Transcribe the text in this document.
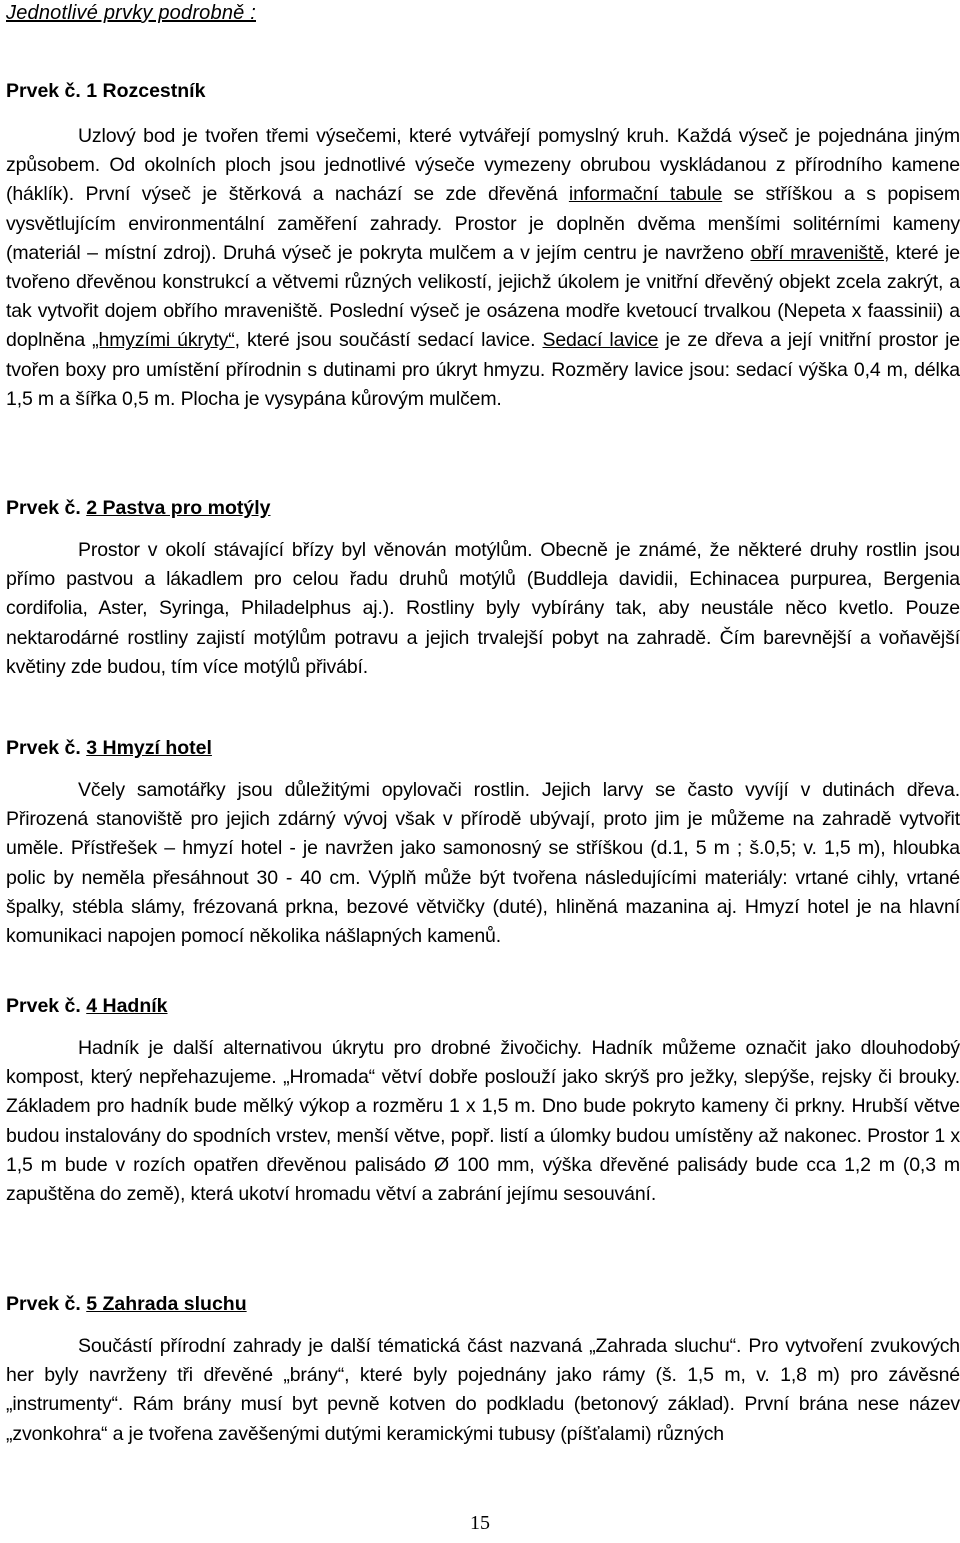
Jednotlivé prvky podrobně :
Prvek č. 1 Rozcestník
Uzlový bod je tvořen třemi výsečemi, které vytvářejí pomyslný kruh. Každá výseč je pojednána jiným způsobem. Od okolních ploch jsou jednotlivé výseče vymezeny obrubou vyskládanou z přírodního kamene (háklík). První výseč je štěrková a nachází se zde dřevěná informační tabule se stříškou a s popisem vysvětlujícím environmentální zaměření zahrady. Prostor je doplněn dvěma menšími solitérními kameny (materiál – místní zdroj). Druhá výseč je pokryta mulčem a v jejím centru je navrženo obří mraveniště, které je tvořeno dřevěnou konstrukcí a větvemi různých velikostí, jejichž úkolem je vnitřní dřevěný objekt zcela zakrýt, a tak vytvořit dojem obřího mraveniště. Poslední výseč je osázena modře kvetoucí trvalkou (Nepeta x faassinii) a doplněna „hmyzími úkryty“, které jsou součástí sedací lavice. Sedací lavice je ze dřeva a její vnitřní prostor je tvořen boxy pro umístění přírodnin s dutinami pro úkryt hmyzu. Rozměry lavice jsou: sedací výška 0,4 m, délka 1,5 m a šířka 0,5 m. Plocha je vysypána kůrovým mulčem.
Prvek č. 2 Pastva pro motýly
Prostor v okolí stávající břízy byl věnován motýlům. Obecně je známé, že některé druhy rostlin jsou přímo pastvou a lákadlem pro celou řadu druhů motýlů (Buddleja davidii, Echinacea purpurea, Bergenia cordifolia, Aster, Syringa, Philadelphus aj.). Rostliny byly vybírány tak, aby neustále něco kvetlo. Pouze nektarodárné rostliny zajistí motýlům potravu a jejich trvalejší pobyt na zahradě. Čím barevnější a voňavější květiny zde budou, tím více motýlů přivábí.
Prvek č. 3 Hmyzí hotel
Včely samotářky jsou důležitými opylovači rostlin. Jejich larvy se často vyvíjí v dutinách dřeva. Přirozená stanoviště pro jejich zdárný vývoj však v přírodě ubývají, proto jim je můžeme na zahradě vytvořit uměle. Přístřešek – hmyzí hotel - je navržen jako samonosný se stříškou (d.1, 5 m ; š.0,5; v. 1,5 m), hloubka polic by neměla přesáhnout 30 - 40 cm. Výplň může být tvořena následujícími materiály: vrtané cihly, vrtané špalky, stébla slámy, frézovaná prkna, bezové větvičky (duté), hliněná mazanina aj. Hmyzí hotel je na hlavní komunikaci napojen pomocí několika nášlapných kamenů.
Prvek č. 4 Hadník
Hadník je další alternativou úkrytu pro drobné živočichy. Hadník můžeme označit jako dlouhodobý kompost, který nepřehazujeme. „Hromada“ větví dobře poslouží jako skrýš pro ježky, slepýše, rejsky či brouky. Základem pro hadník bude mělký výkop a rozměru 1 x 1,5 m. Dno bude pokryto kameny či prkny. Hrubší větve budou instalovány do spodních vrstev, menší větve, popř. listí a úlomky budou umístěny až nakonec. Prostor 1 x 1,5 m bude v rozích opatřen dřevěnou palisádo Ø 100 mm, výška dřevěné palisády bude cca 1,2 m (0,3 m zapuštěna do země), která ukotví hromadu větví a zabrání jejímu sesouvání.
Prvek č. 5 Zahrada sluchu
Součástí přírodní zahrady je další tématická část nazvaná „Zahrada sluchu“. Pro vytvoření zvukových her byly navrženy tři dřevěné „brány“, které byly pojednány jako rámy (š. 1,5 m, v. 1,8 m) pro závěsné „instrumenty“. Rám brány musí byt pevně kotven do podkladu (betonový základ). První brána nese název „zvonkohra“ a je tvořena zavěšenými dutými keramickými tubusy (píšťalami) různých
15
